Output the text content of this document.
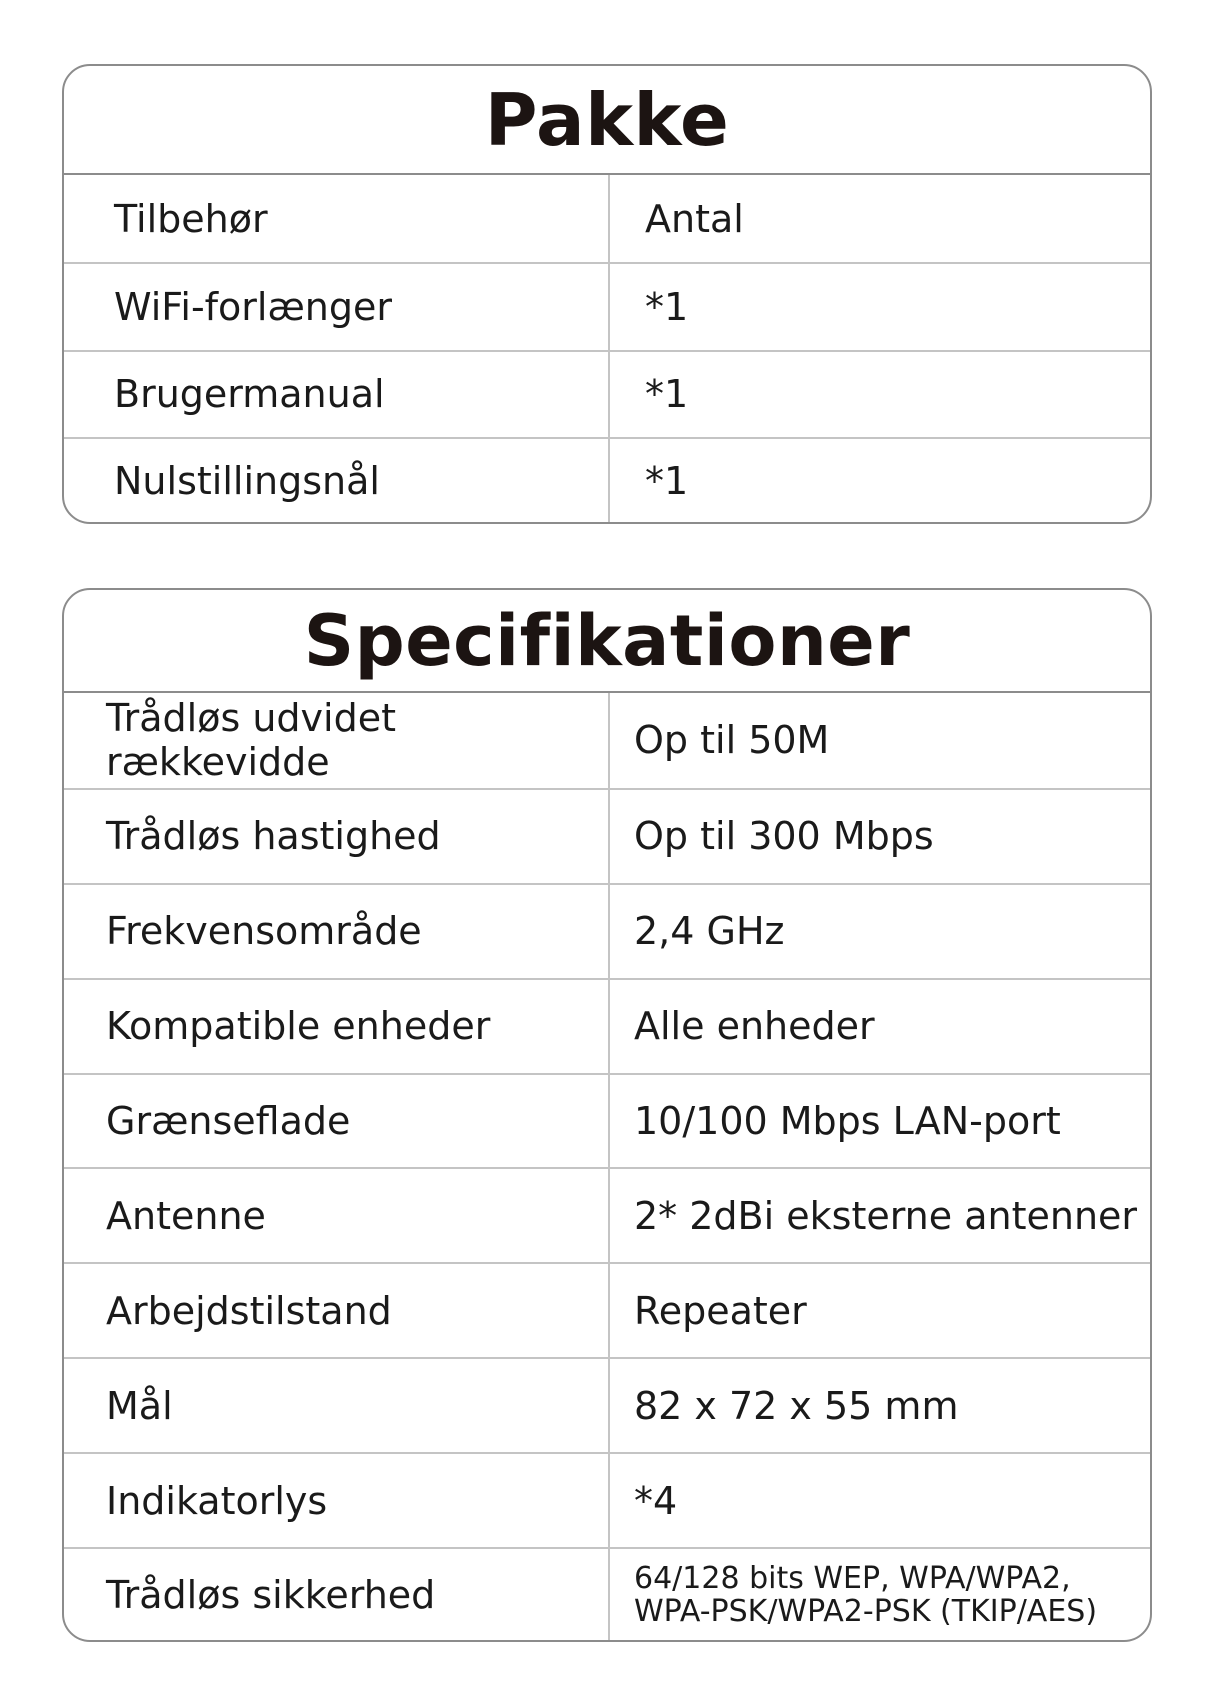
Pakke
Tilbehør	Antal
WiFi-forlænger	*1
Brugermanual	*1
Nulstillingsnål	*1
Specifikationer
Trådløs udvidet rækkevidde	Op til 50M
Trådløs hastighed	Op til 300 Mbps
Frekvensområde	2,4 GHz
Kompatible enheder	Alle enheder
Grænseflade	10/100 Mbps LAN-port
Antenne	2* 2dBi eksterne antenner
Arbejdstilstand	Repeater
Mål	82 x 72 x 55 mm
Indikatorlys	*4
Trådløs sikkerhed	64/128 bits WEP, WPA/WPA2,
WPA-PSK/WPA2-PSK (TKIP/AES)
